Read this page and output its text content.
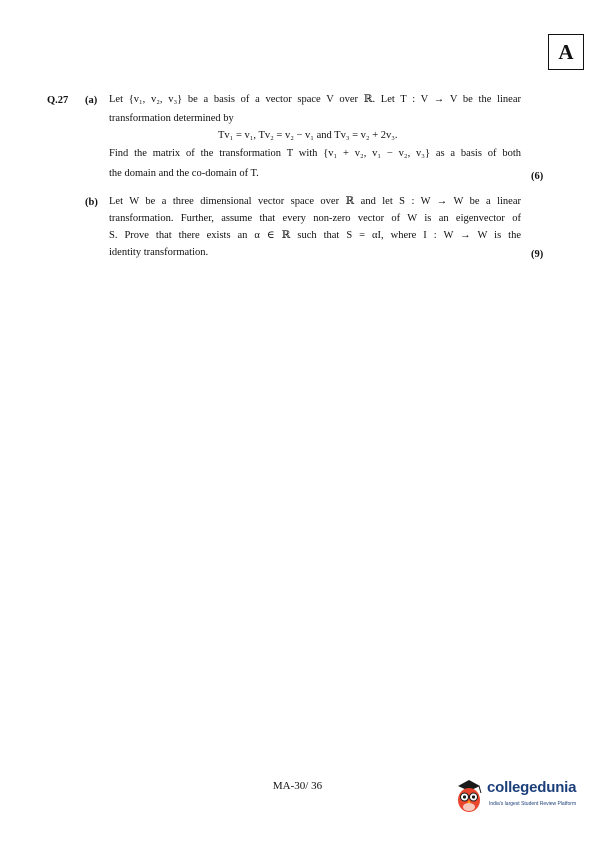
A
Q.27 (a) Let {v₁, v₂, v₃} be a basis of a vector space V over ℝ. Let T : V → V be the linear
transformation determined by
Tv₁ = v₁, Tv₂ = v₂ − v₁ and Tv₃ = v₂ + 2v₃.
Find the matrix of the transformation T with {v₁ + v₂, v₁ − v₂, v₃} as a basis of both
the domain and the co-domain of T.	(6)
(b) Let W be a three dimensional vector space over ℝ and let S : W → W be a linear
transformation. Further, assume that every non-zero vector of W is an eigenvector of
S. Prove that there exists an α ∈ ℝ such that S = αI, where I : W → W is the
identity transformation.	(9)
MA-30/ 36	collegedunia
India's largest Student Review Platform
